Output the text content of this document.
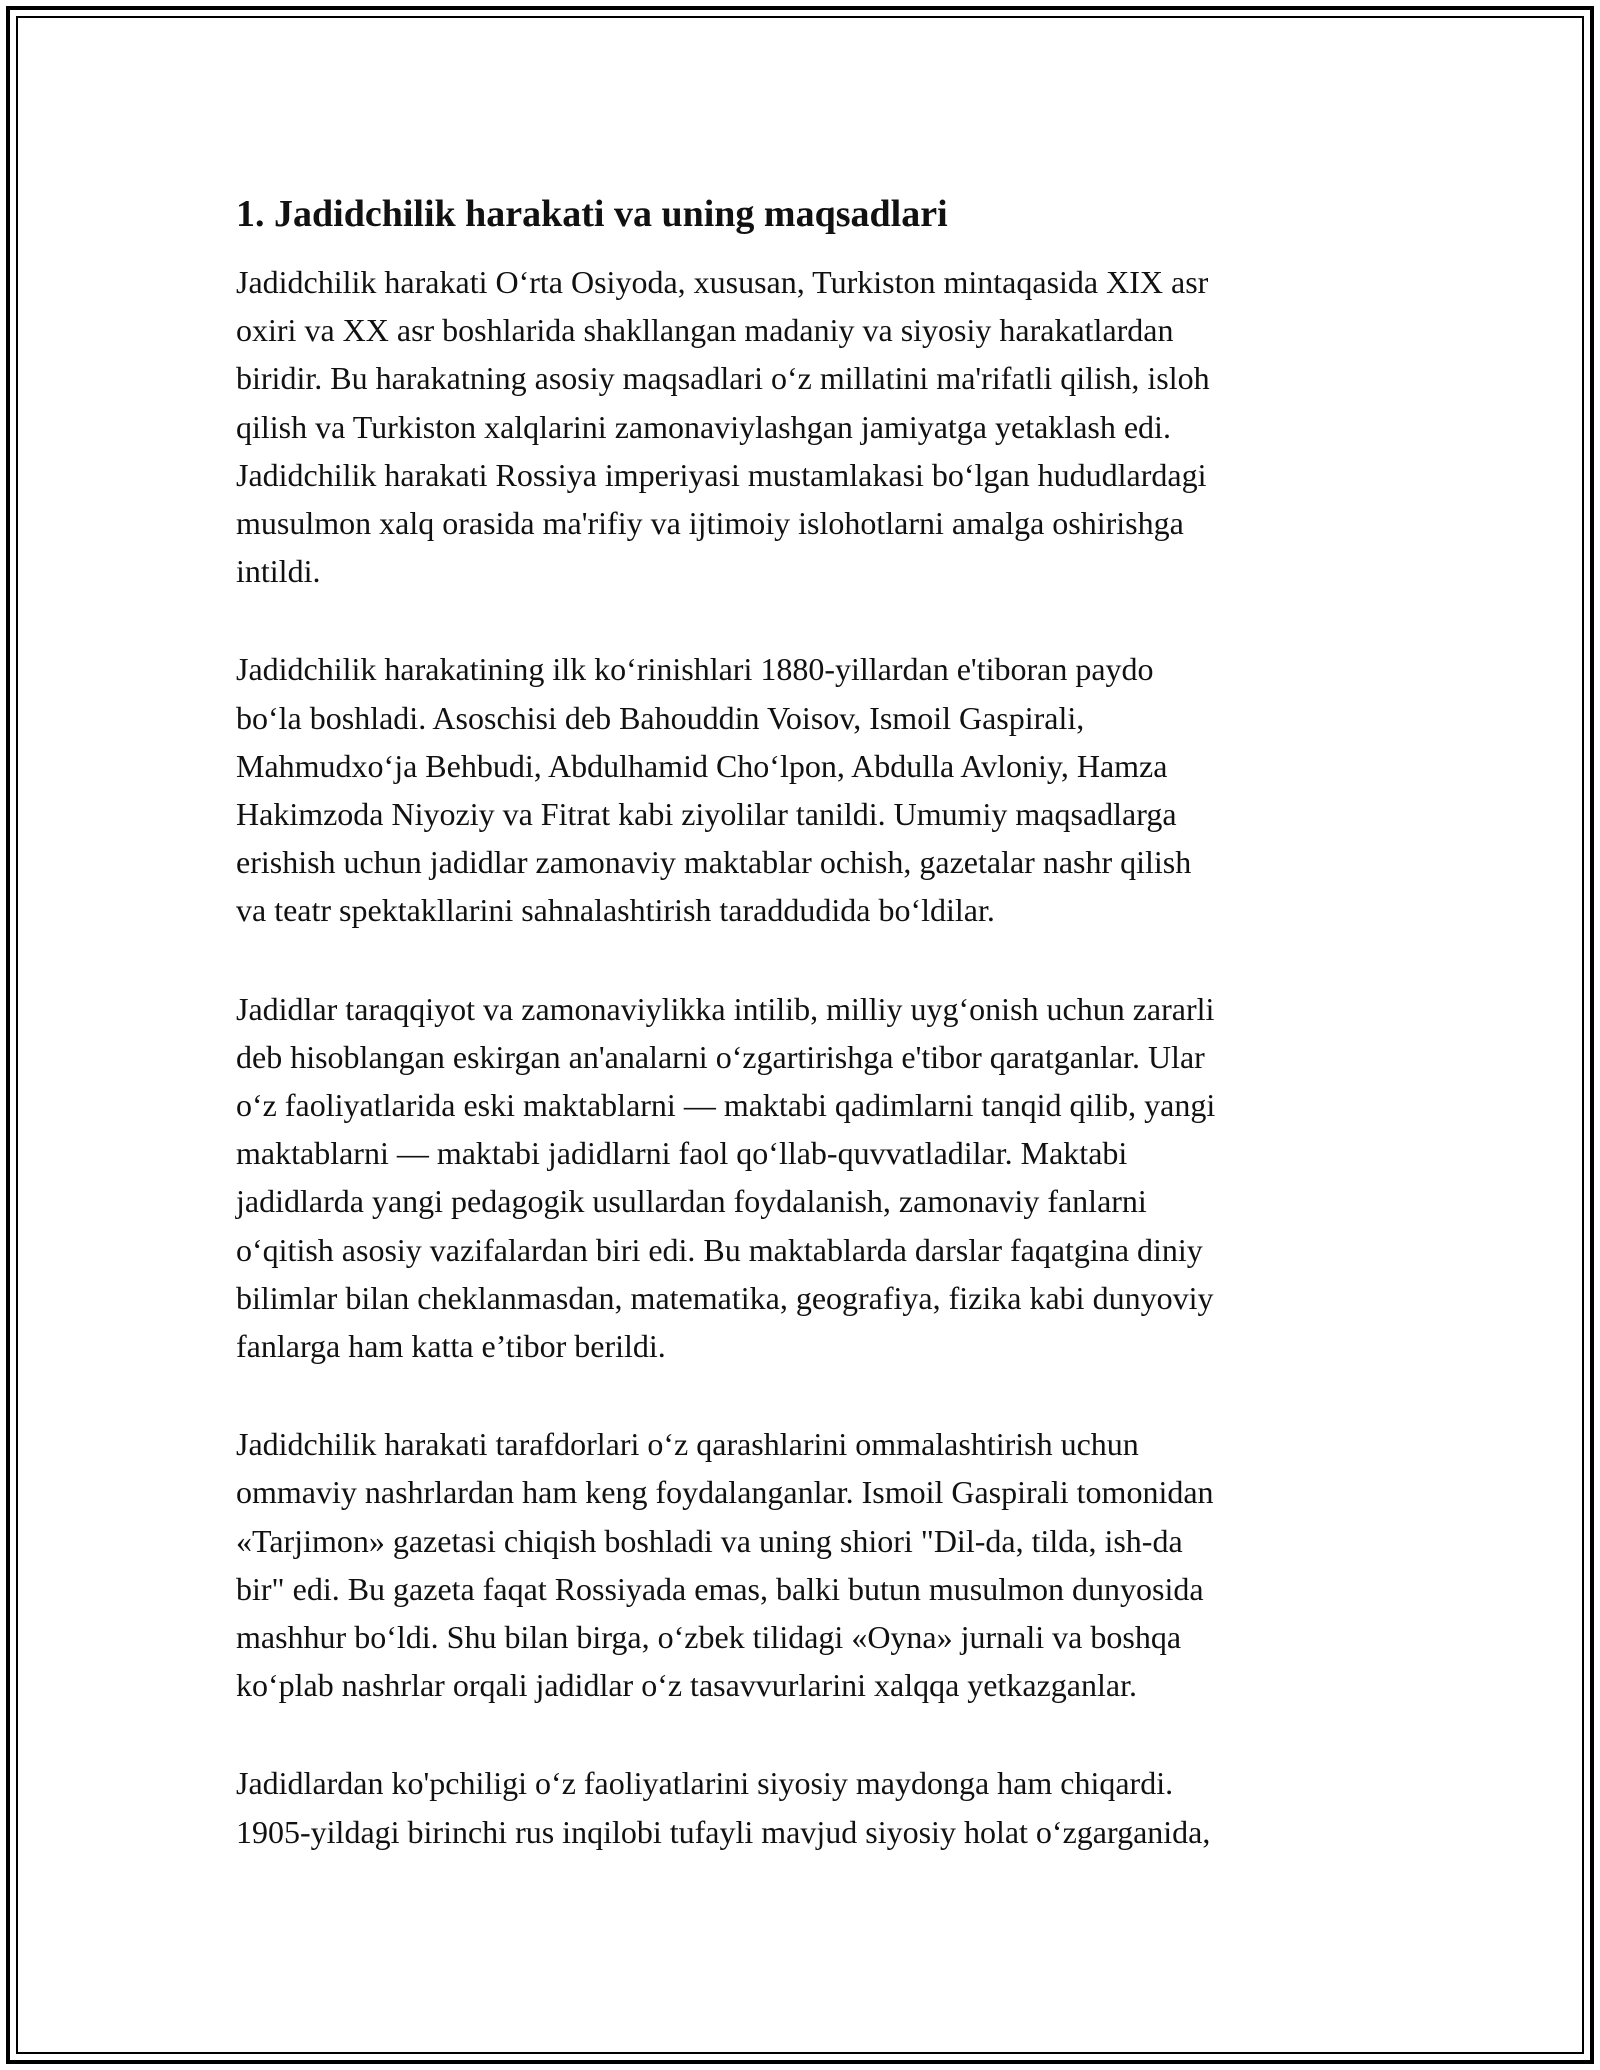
1. Jadidchilik harakati va uning maqsadlari

Jadidchilik harakati O‘rta Osiyoda, xususan, Turkiston mintaqasida XIX asr
oxiri va XX asr boshlarida shakllangan madaniy va siyosiy harakatlardan
biridir. Bu harakatning asosiy maqsadlari o‘z millatini ma'rifatli qilish, isloh
qilish va Turkiston xalqlarini zamonaviylashgan jamiyatga yetaklash edi.
Jadidchilik harakati Rossiya imperiyasi mustamlakasi bo‘lgan hududlardagi
musulmon xalq orasida ma'rifiy va ijtimoiy islohotlarni amalga oshirishga
intildi.

Jadidchilik harakatining ilk ko‘rinishlari 1880-yillardan e'tiboran paydo
bo‘la boshladi. Asoschisi deb Bahouddin Voisov, Ismoil Gaspirali,
Mahmudxo‘ja Behbudi, Abdulhamid Cho‘lpon, Abdulla Avloniy, Hamza
Hakimzoda Niyoziy va Fitrat kabi ziyolilar tanildi. Umumiy maqsadlarga
erishish uchun jadidlar zamonaviy maktablar ochish, gazetalar nashr qilish
va teatr spektakllarini sahnalashtirish taraddudida bo‘ldilar.

Jadidlar taraqqiyot va zamonaviylikka intilib, milliy uyg‘onish uchun zararli
deb hisoblangan eskirgan an'analarni o‘zgartirishga e'tibor qaratganlar. Ular
o‘z faoliyatlarida eski maktablarni — maktabi qadimlarni tanqid qilib, yangi
maktablarni — maktabi jadidlarni faol qo‘llab-quvvatladilar. Maktabi
jadidlarda yangi pedagogik usullardan foydalanish, zamonaviy fanlarni
o‘qitish asosiy vazifalardan biri edi. Bu maktablarda darslar faqatgina diniy
bilimlar bilan cheklanmasdan, matematika, geografiya, fizika kabi dunyoviy
fanlarga ham katta e’tibor berildi.

Jadidchilik harakati tarafdorlari o‘z qarashlarini ommalashtirish uchun
ommaviy nashrlardan ham keng foydalanganlar. Ismoil Gaspirali tomonidan
«Tarjimon» gazetasi chiqish boshladi va uning shiori "Dil-da, tilda, ish-da
bir" edi. Bu gazeta faqat Rossiyada emas, balki butun musulmon dunyosida
mashhur bo‘ldi. Shu bilan birga, o‘zbek tilidagi «Oyna» jurnali va boshqa
ko‘plab nashrlar orqali jadidlar o‘z tasavvurlarini xalqqa yetkazganlar.

Jadidlardan ko'pchiligi o‘z faoliyatlarini siyosiy maydonga ham chiqardi.
1905-yildagi birinchi rus inqilobi tufayli mavjud siyosiy holat o‘zgarganida,
